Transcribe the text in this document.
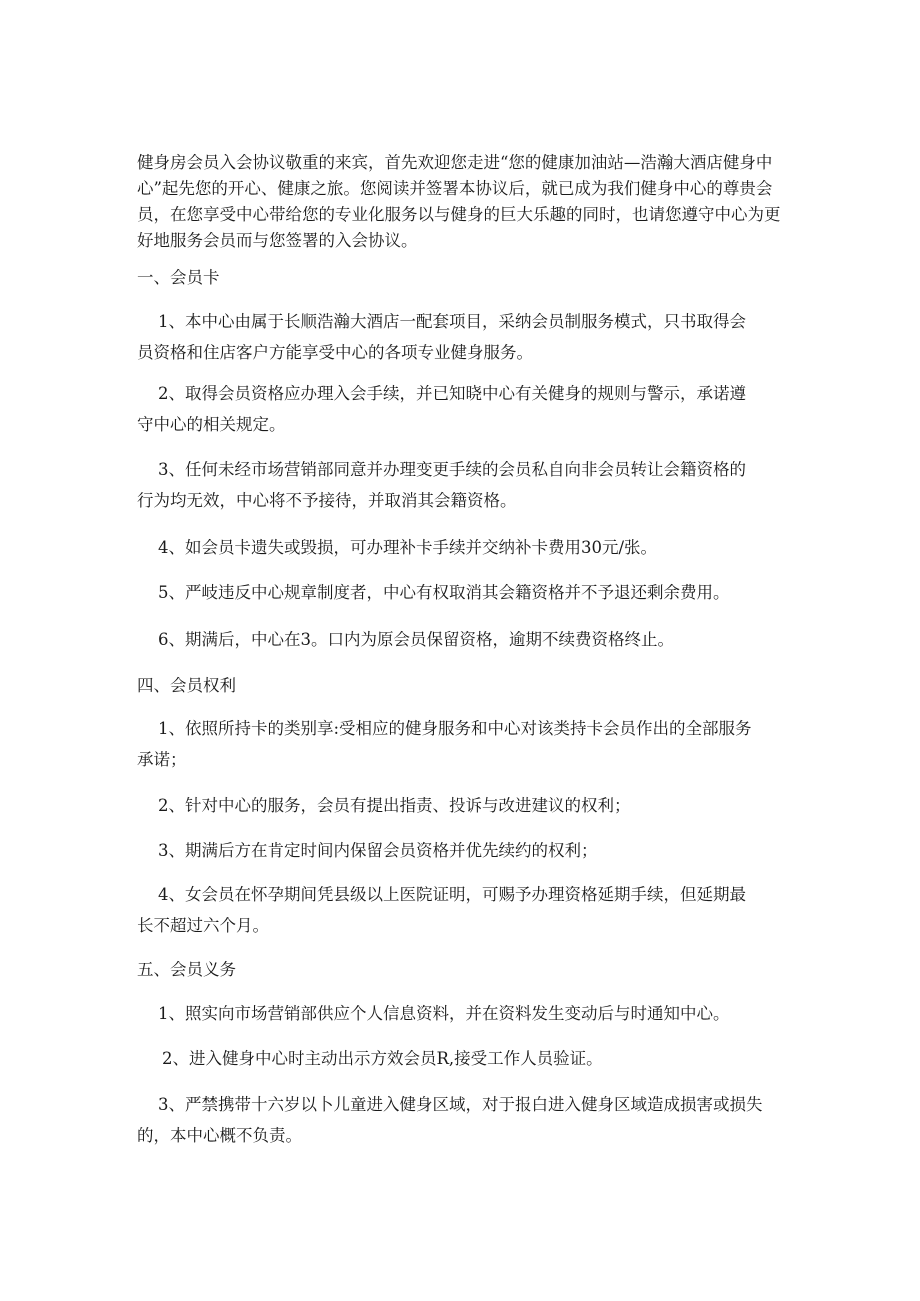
健身房会员入会协议敬重的来宾，首先欢迎您走进“您的健康加油站—浩瀚大酒店健身中心”起先您的开心、健康之旅。您阅读并签署本协议后，就已成为我们健身中心的尊贵会员，在您享受中心带给您的专业化服务以与健身的巨大乐趣的同时，也请您遵守中心为更好地服务会员而与您签署的入会协议。
一、会员卡
1、本中心由属于长顺浩瀚大酒店一配套项目，采纳会员制服务模式，只书取得会
员资格和住店客户方能享受中心的各项专业健身服务。
2、取得会员资格应办理入会手续，并已知晓中心有关健身的规则与警示，承诺遵
守中心的相关规定。
3、任何未经市场营销部同意并办理变更手续的会员私自向非会员转让会籍资格的
行为均无效，中心将不予接待，并取消其会籍资格。
4、如会员卡遗失或毁损，可办理补卡手续并交纳补卡费用30元/张。
5、严岐违反中心规章制度者，中心有权取消其会籍资格并不予退还剩余费用。
6、期满后，中心在3。口内为原会员保留资格，逾期不续费资格终止。
四、会员权利
1、依照所持卡的类别享:受相应的健身服务和中心对该类持卡会员作出的全部服务
承诺；
2、针对中心的服务，会员有提出指责、投诉与改进建议的权利；
3、期满后方在肯定时间内保留会员资格并优先续约的权利；
4、女会员在怀孕期间凭县级以上医院证明，可赐予办理资格延期手续，但延期最
长不超过六个月。
五、会员义务
1、照实向市场营销部供应个人信息资料，并在资料发生变动后与时通知中心。
2、进入健身中心时主动出示方效会员R,接受工作人员验证。
3、严禁携带十六岁以卜儿童进入健身区域，对于报白进入健身区域造成损害或损失
的，本中心概不负责。
